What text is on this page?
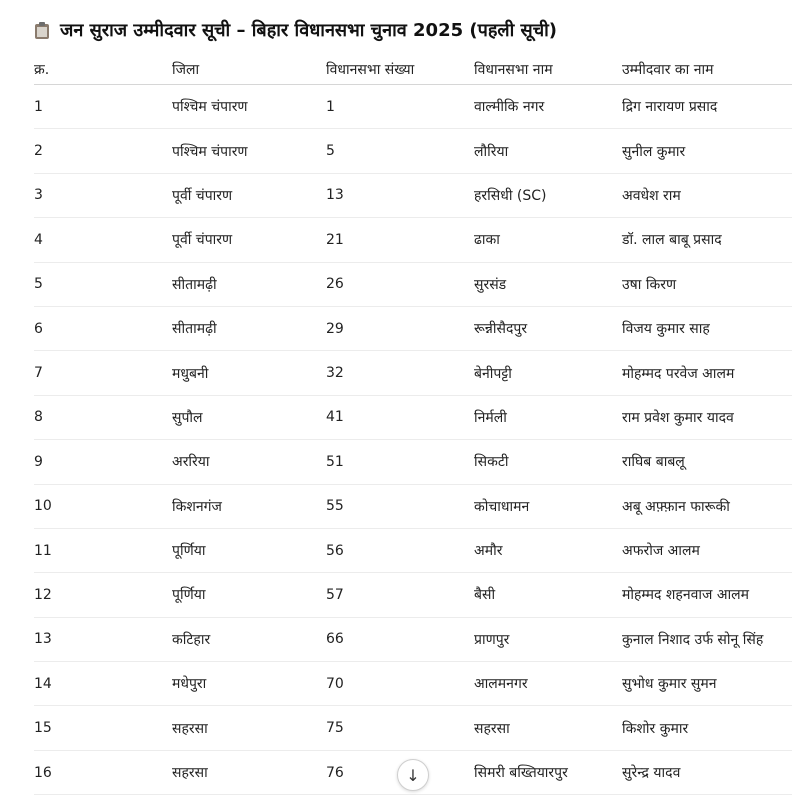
जन सुराज उम्मीदवार सूची – बिहार विधानसभा चुनाव 2025 (पहली सूची)
क्र.	जिला	विधानसभा संख्या	विधानसभा नाम	उम्मीदवार का नाम
1	पश्चिम चंपारण	1	वाल्मीकि नगर	द्रिग नारायण प्रसाद
2	पश्चिम चंपारण	5	लौरिया	सुनील कुमार
3	पूर्वी चंपारण	13	हरसिधी (SC)	अवधेश राम
4	पूर्वी चंपारण	21	ढाका	डॉ. लाल बाबू प्रसाद
5	सीतामढ़ी	26	सुरसंड	उषा किरण
6	सीतामढ़ी	29	रून्नीसैदपुर	विजय कुमार साह
7	मधुबनी	32	बेनीपट्टी	मोहम्मद परवेज आलम
8	सुपौल	41	निर्मली	राम प्रवेश कुमार यादव
9	अररिया	51	सिकटी	राघिब बाबलू
10	किशनगंज	55	कोचाधामन	अबू अफ़्फ़ान फारूकी
11	पूर्णिया	56	अमौर	अफरोज आलम
12	पूर्णिया	57	बैसी	मोहम्मद शहनवाज आलम
13	कटिहार	66	प्राणपुर	कुनाल निशाद उर्फ सोनू सिंह
14	मधेपुरा	70	आलमनगर	सुभोध कुमार सुमन
15	सहरसा	75	सहरसा	किशोर कुमार
16	सहरसा	76	सिमरी बख्तियारपुर	सुरेन्द्र यादव
↓
